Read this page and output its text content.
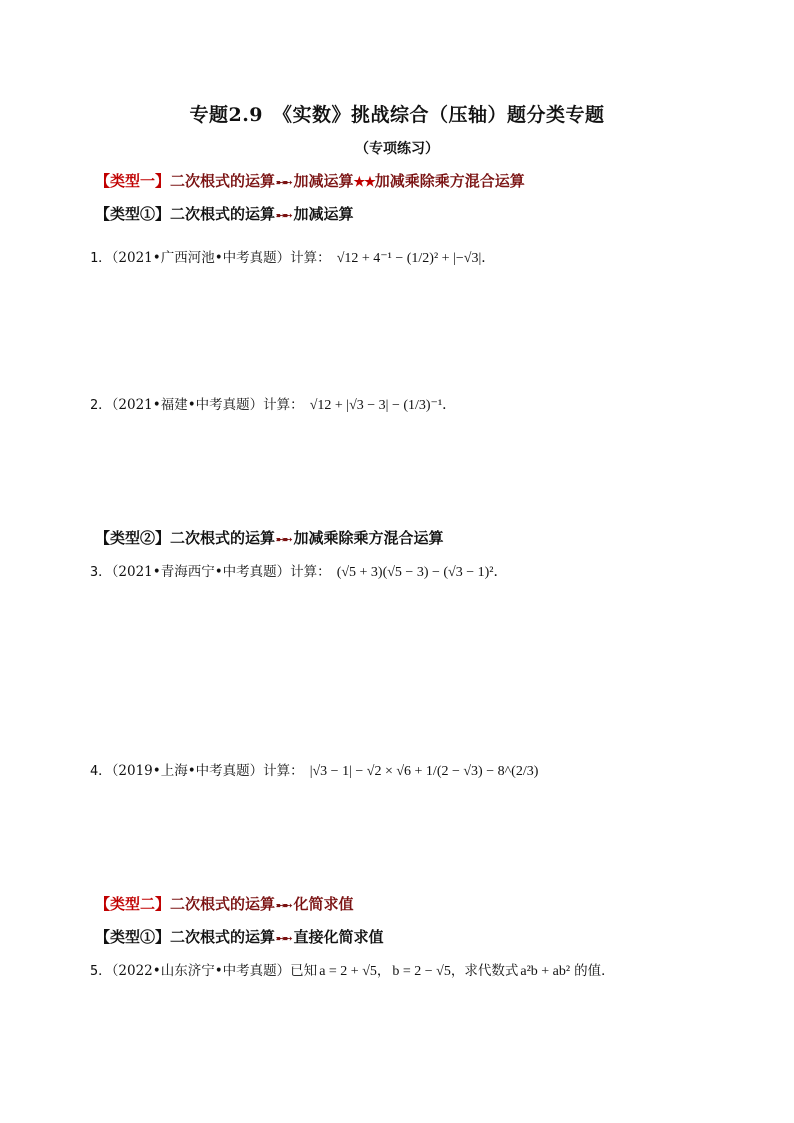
专题2.9　《实数》挑战综合（压轴）题分类专题
（专项练习）
【类型一】二次根式的运算➸➸ 加减运算★★加减乘除乘方混合运算
【类型①】二次根式的运算➸➸ 加减运算
1．（2021•广西河池•中考真题）计算： √12 + 4⁻¹ − (1/2)² + |−√3|．
2．（2021•福建•中考真题）计算： √12 + |√3 − 3| − (1/3)⁻¹．
【类型②】二次根式的运算➸➸ 加减乘除乘方混合运算
3．（2021•青海西宁•中考真题）计算： (√5 + 3)(√5 − 3) − (√3 − 1)²．
4．（2019•上海•中考真题）计算： |√3 − 1| − √2 × √6 + 1/(2 − √3) − 8^(2/3)
【类型二】二次根式的运算➸➸ 化简求值
【类型①】二次根式的运算➸➸ 直接化简求值
5．（2022•山东济宁•中考真题）已知 a = 2 + √5， b = 2 − √5，求代数式 a²b + ab² 的值．
